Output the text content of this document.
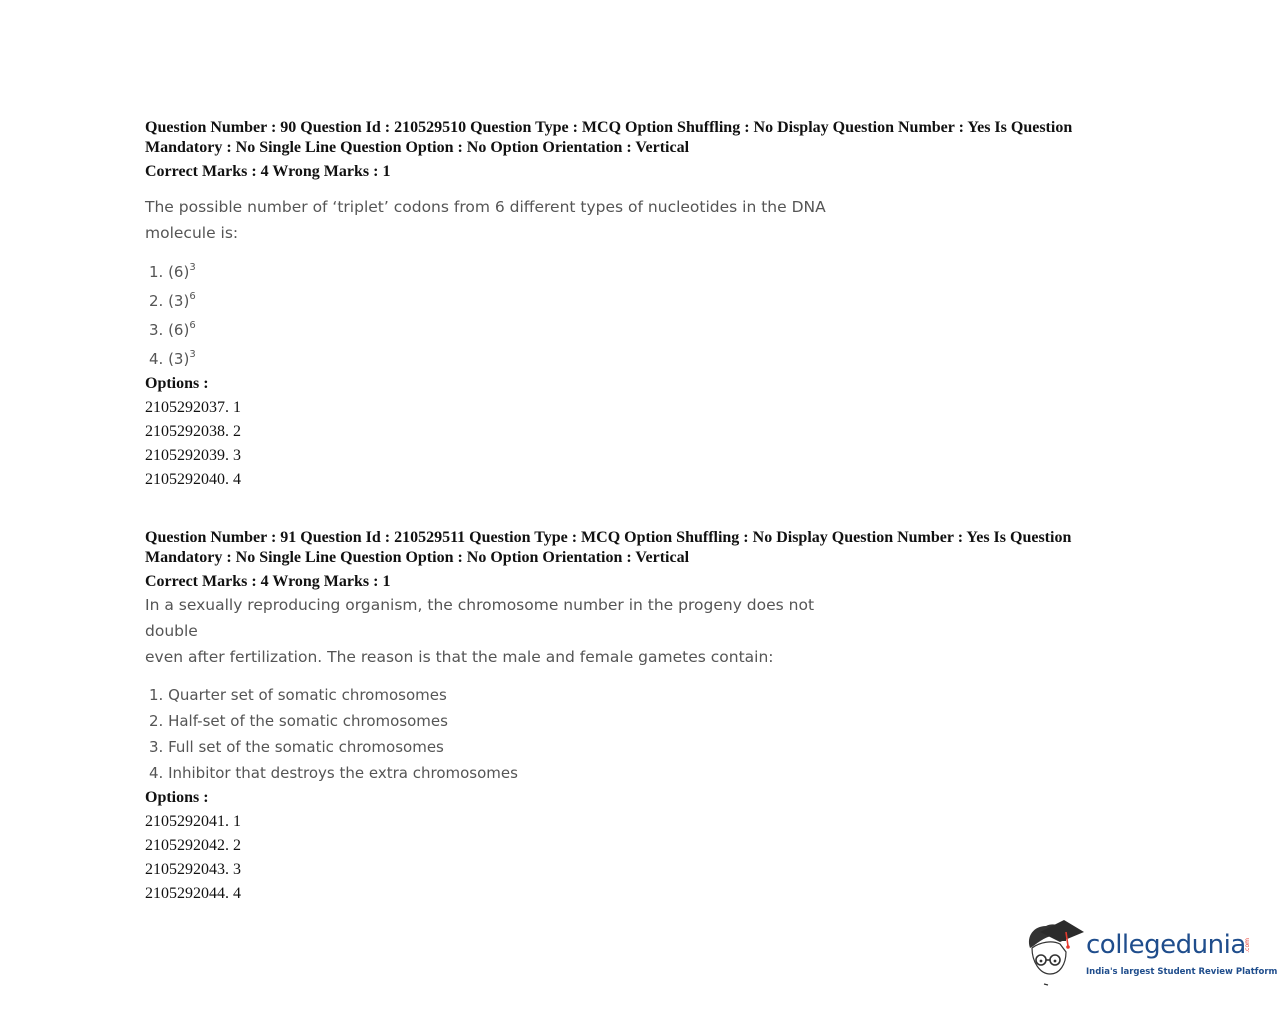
Question Number : 90 Question Id : 210529510 Question Type : MCQ Option Shuffling : No Display Question Number : Yes Is Question

Mandatory : No Single Line Question Option : No Option Orientation : Vertical

Correct Marks : 4 Wrong Marks : 1

The possible number of ‘triplet’ codons from 6 different types of nucleotides in the DNA

molecule is:

1. $(6)^3$
2. $(3)^6$
3. $(6)^6$
4. $(3)^3$

Options :

2105292037. 1

2105292038. 2

2105292039. 3

2105292040. 4

Question Number : 91 Question Id : 210529511 Question Type : MCQ Option Shuffling : No Display Question Number : Yes Is Question

Mandatory : No Single Line Question Option : No Option Orientation : Vertical

Correct Marks : 4 Wrong Marks : 1

In a sexually reproducing organism, the chromosome number in the progeny does not double

even after fertilization. The reason is that the male and female gametes contain:

1. Quarter set of somatic chromosomes
2. Half-set of the somatic chromosomes
3. Full set of the somatic chromosomes
4. Inhibitor that destroys the extra chromosomes

Options :

2105292041. 1

2105292042. 2

2105292043. 3

2105292044. 4

collegedunia
.com
India's largest Student Review Platform
